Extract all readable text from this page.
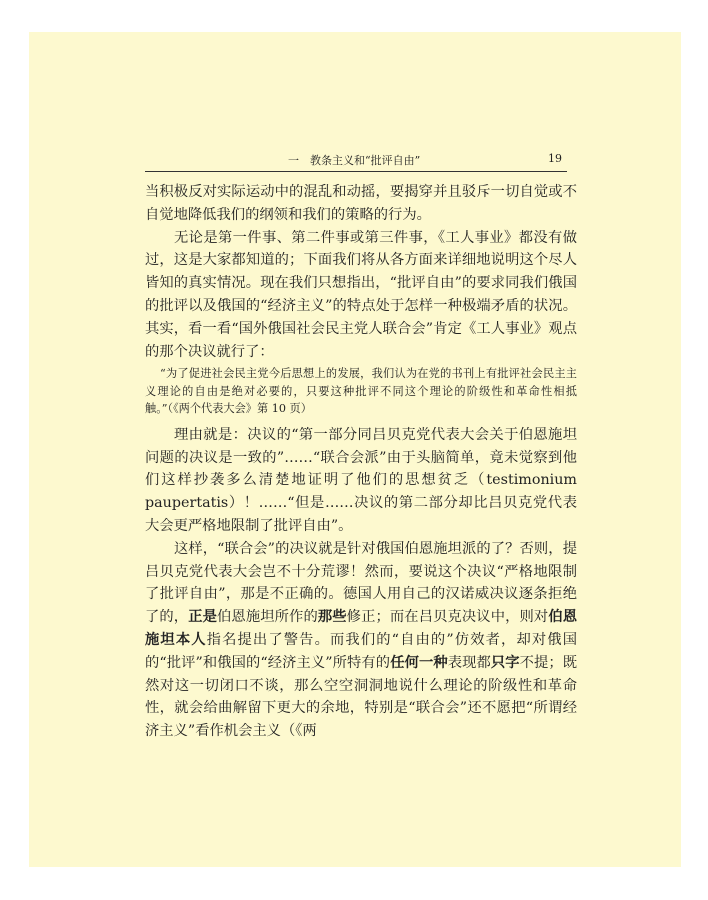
一　教条主义和“批评自由”	19

当积极反对实际运动中的混乱和动摇，要揭穿并且驳斥一切自觉或不自觉地降低我们的纲领和我们的策略的行为。

无论是第一件事、第二件事或第三件事，《工人事业》都没有做过，这是大家都知道的；下面我们将从各方面来详细地说明这个尽人皆知的真实情况。现在我们只想指出，“批评自由”的要求同我们俄国的批评以及俄国的“经济主义”的特点处于怎样一种极端矛盾的状况。其实，看一看“国外俄国社会民主党人联合会”肯定《工人事业》观点的那个决议就行了：

“为了促进社会民主党今后思想上的发展，我们认为在党的书刊上有批评社会民主主义理论的自由是绝对必要的，只要这种批评不同这个理论的阶级性和革命性相抵触。”（《两个代表大会》第 10 页）

理由就是：决议的“第一部分同吕贝克党代表大会关于伯恩施坦问题的决议是一致的”……“联合会派”由于头脑简单，竟未觉察到他们这样抄袭多么清楚地证明了他们的思想贫乏（testimonium paupertatis）！……“但是……决议的第二部分却比吕贝克党代表大会更严格地限制了批评自由”。

这样，“联合会”的决议就是针对俄国伯恩施坦派的了？否则，提吕贝克党代表大会岂不十分荒谬！然而，要说这个决议“严格地限制了批评自由”，那是不正确的。德国人用自己的汉诺威决议逐条拒绝了的，正是伯恩施坦所作的那些修正；而在吕贝克决议中，则对伯恩施坦本人指名提出了警告。而我们的“自由的”仿效者，却对俄国的“批评”和俄国的“经济主义”所特有的任何一种表现都只字不提；既然对这一切闭口不谈，那么空空洞洞地说什么理论的阶级性和革命性，就会给曲解留下更大的余地，特别是“联合会”还不愿把“所谓经济主义”看作机会主义（《两
